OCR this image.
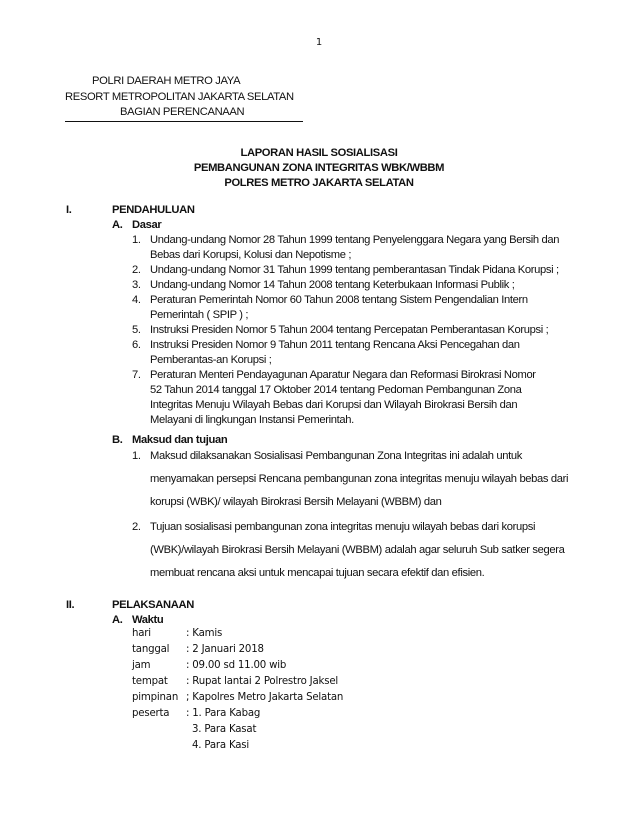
1
POLRI DAERAH METRO JAYA
RESORT METROPOLITAN JAKARTA SELATAN
BAGIAN PERENCANAAN
LAPORAN HASIL SOSIALISASI
PEMBANGUNAN ZONA INTEGRITAS WBK/WBBM
POLRES METRO JAKARTA SELATAN
I.	PENDAHULUAN
A. Dasar
B. Maksud dan tujuan
II.	PELAKSANAAN
A. Waktu
1. Undang-undang Nomor 28 Tahun 1999 tentang Penyelenggara Negara yang Bersih dan
Bebas dari Korupsi, Kolusi dan Nepotisme ;
2. Undang-undang Nomor 31 Tahun 1999 tentang pemberantasan Tindak Pidana Korupsi ;
3. Undang-undang Nomor 14 Tahun 2008 tentang Keterbukaan Informasi Publik ;
4. Peraturan Pemerintah Nomor 60 Tahun 2008 tentang Sistem Pengendalian Intern
Pemerintah ( SPIP ) ;
5. Instruksi Presiden Nomor 5 Tahun 2004 tentang Percepatan Pemberantasan Korupsi ;
6. Instruksi Presiden Nomor 9 Tahun 2011 tentang Rencana Aksi Pencegahan dan
Pemberantas-an Korupsi ;
7. Peraturan Menteri Pendayagunan Aparatur Negara dan Reformasi Birokrasi Nomor
52 Tahun 2014 tanggal 17 Oktober 2014 tentang Pedoman Pembangunan Zona
Integritas Menuju Wilayah Bebas dari Korupsi dan Wilayah Birokrasi Bersih dan
Melayani di lingkungan Instansi Pemerintah.
1. Maksud dilaksanakan Sosialisasi Pembangunan Zona Integritas ini adalah untuk
menyamakan persepsi Rencana pembangunan zona integritas menuju wilayah bebas dari
korupsi (WBK)/ wilayah Birokrasi Bersih Melayani (WBBM) dan
2. Tujuan sosialisasi pembangunan zona integritas menuju wilayah bebas dari korupsi
(WBK)/wilayah Birokrasi Bersih Melayani (WBBM) adalah agar seluruh Sub satker segera
membuat rencana aksi untuk mencapai tujuan secara efektif dan efisien.
hari	: Kamis
tanggal : 2 Januari 2018
jam	: 09.00 sd 11.00 wib
tempat : Rupat lantai 2 Polrestro Jaksel
pimpinan ; Kapolres Metro Jakarta Selatan
peserta : 1. Para Kabag
3. Para Kasat
4. Para Kasi
